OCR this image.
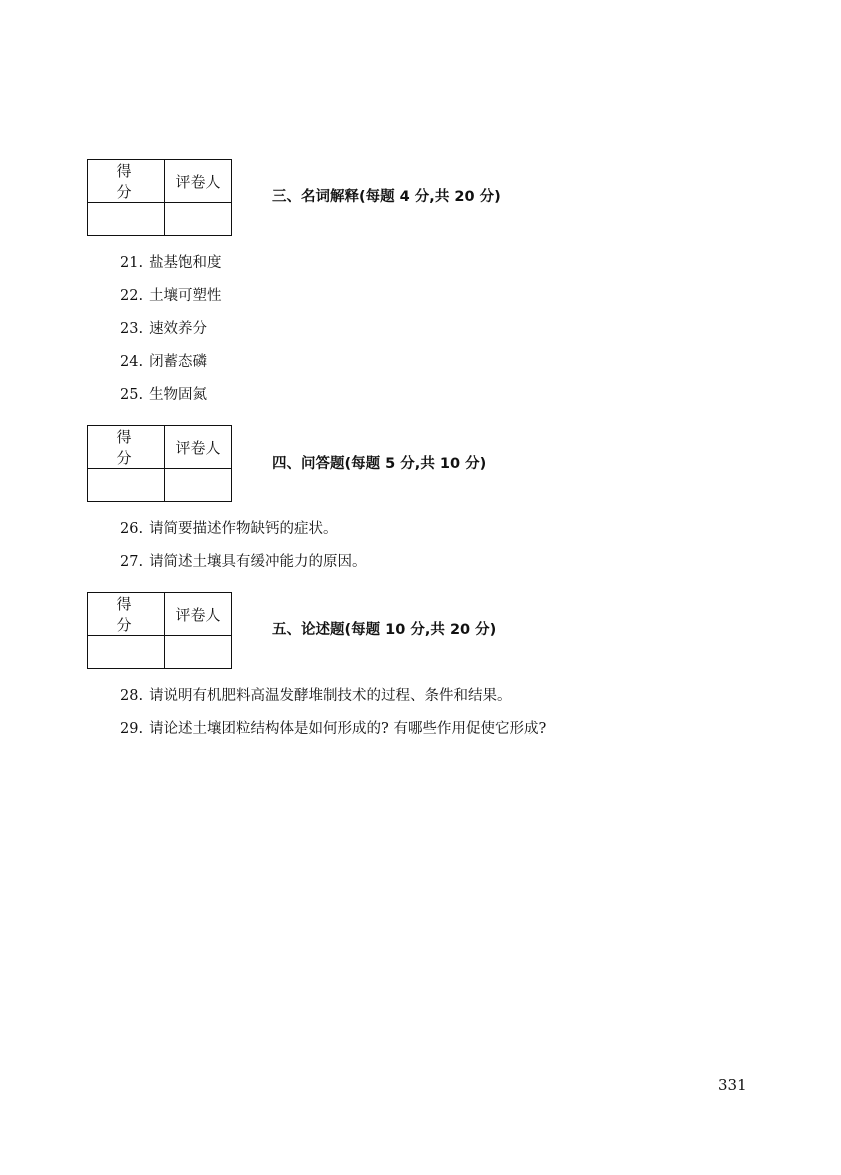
得 分	评卷人

三、名词解释(每题 4 分,共 20 分)
21. 盐基饱和度
22. 土壤可塑性
23. 速效养分
24. 闭蓄态磷
25. 生物固氮
得 分	评卷人

四、问答题(每题 5 分,共 10 分)
26. 请简要描述作物缺钙的症状。
27. 请简述土壤具有缓冲能力的原因。
得 分	评卷人

五、论述题(每题 10 分,共 20 分)
28. 请说明有机肥料高温发酵堆制技术的过程、条件和结果。
29. 请论述土壤团粒结构体是如何形成的? 有哪些作用促使它形成?
331
